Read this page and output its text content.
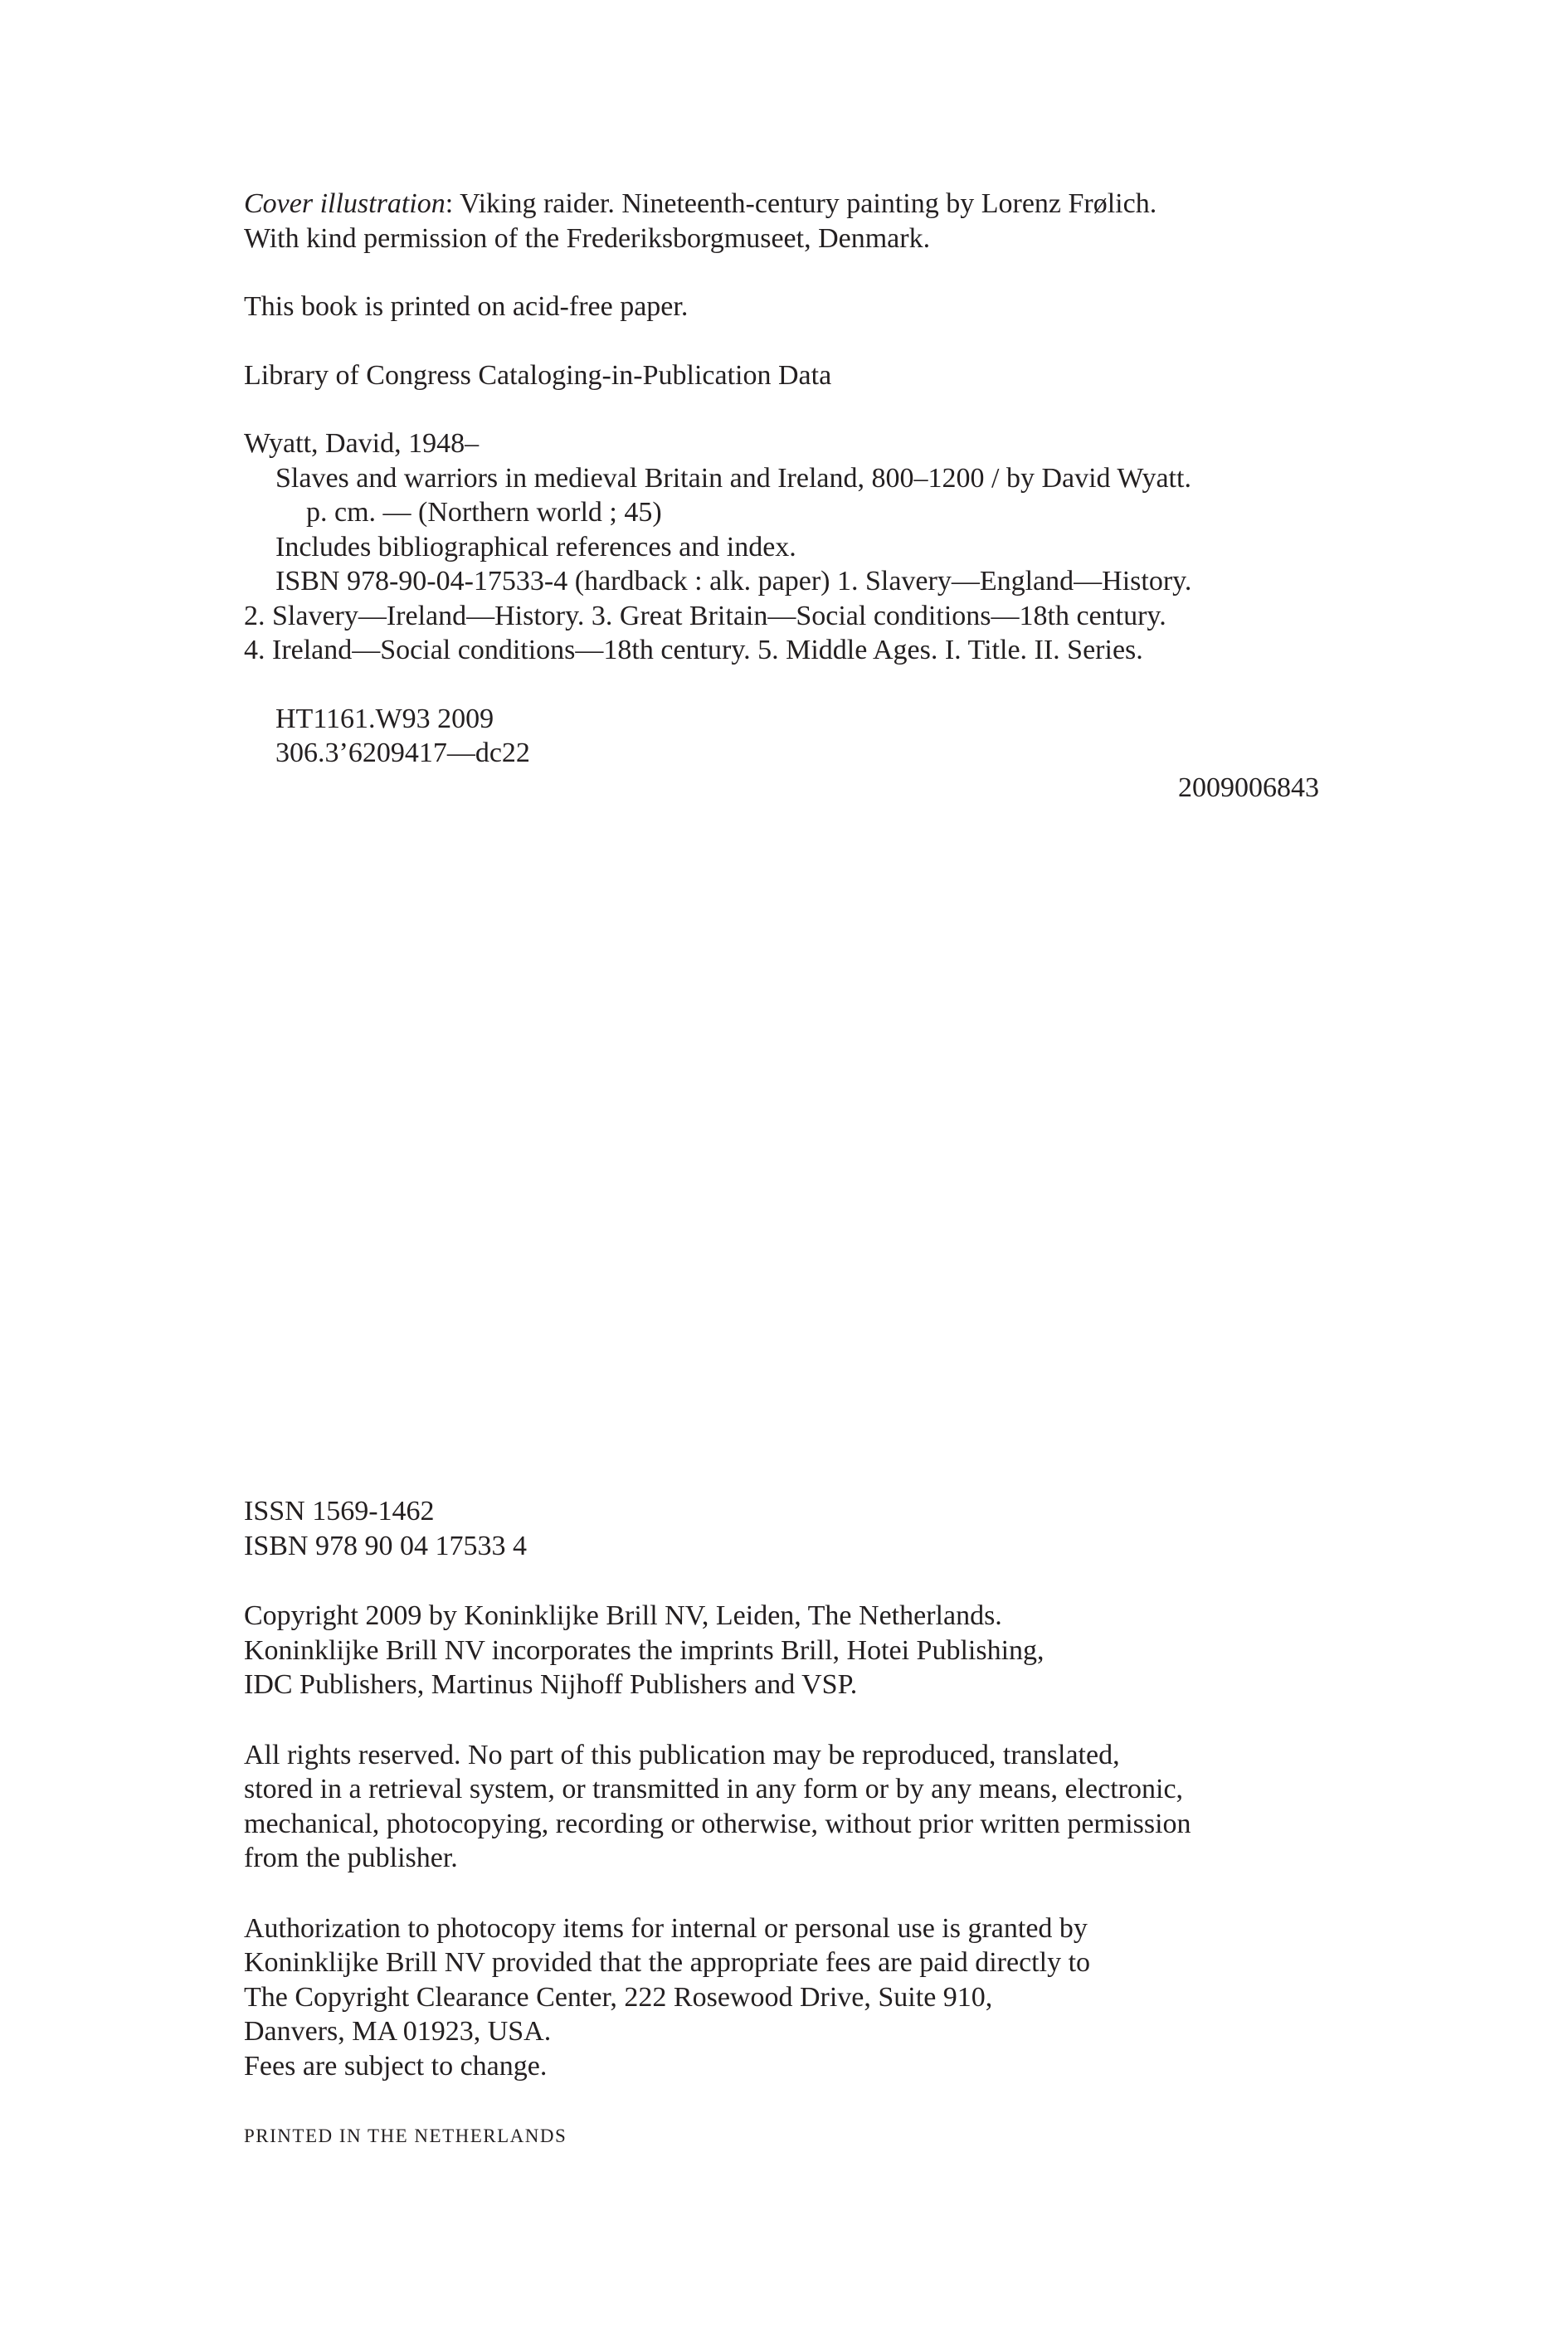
Cover illustration: Viking raider. Nineteenth-century painting by Lorenz Frølich.
With kind permission of the Frederiksborgmuseet, Denmark.

This book is printed on acid-free paper.

Library of Congress Cataloging-in-Publication Data

Wyatt, David, 1948–
Slaves and warriors in medieval Britain and Ireland, 800–1200 / by David Wyatt.
p. cm. — (Northern world ; 45)
Includes bibliographical references and index.
ISBN 978-90-04-17533-4 (hardback : alk. paper) 1. Slavery—England—History.
2. Slavery—Ireland—History. 3. Great Britain—Social conditions—18th century.
4. Ireland—Social conditions—18th century. 5. Middle Ages. I. Title. II. Series.
HT1161.W93 2009
306.3’6209417—dc22
2009006843

ISSN 1569-1462
ISBN 978 90 04 17533 4

Copyright 2009 by Koninklijke Brill NV, Leiden, The Netherlands.
Koninklijke Brill NV incorporates the imprints Brill, Hotei Publishing,
IDC Publishers, Martinus Nijhoff Publishers and VSP.

All rights reserved. No part of this publication may be reproduced, translated,
stored in a retrieval system, or transmitted in any form or by any means, electronic,
mechanical, photocopying, recording or otherwise, without prior written permission
from the publisher.

Authorization to photocopy items for internal or personal use is granted by
Koninklijke Brill NV provided that the appropriate fees are paid directly to
The Copyright Clearance Center, 222 Rosewood Drive, Suite 910,
Danvers, MA 01923, USA.
Fees are subject to change.

PRINTED IN THE NETHERLANDS
